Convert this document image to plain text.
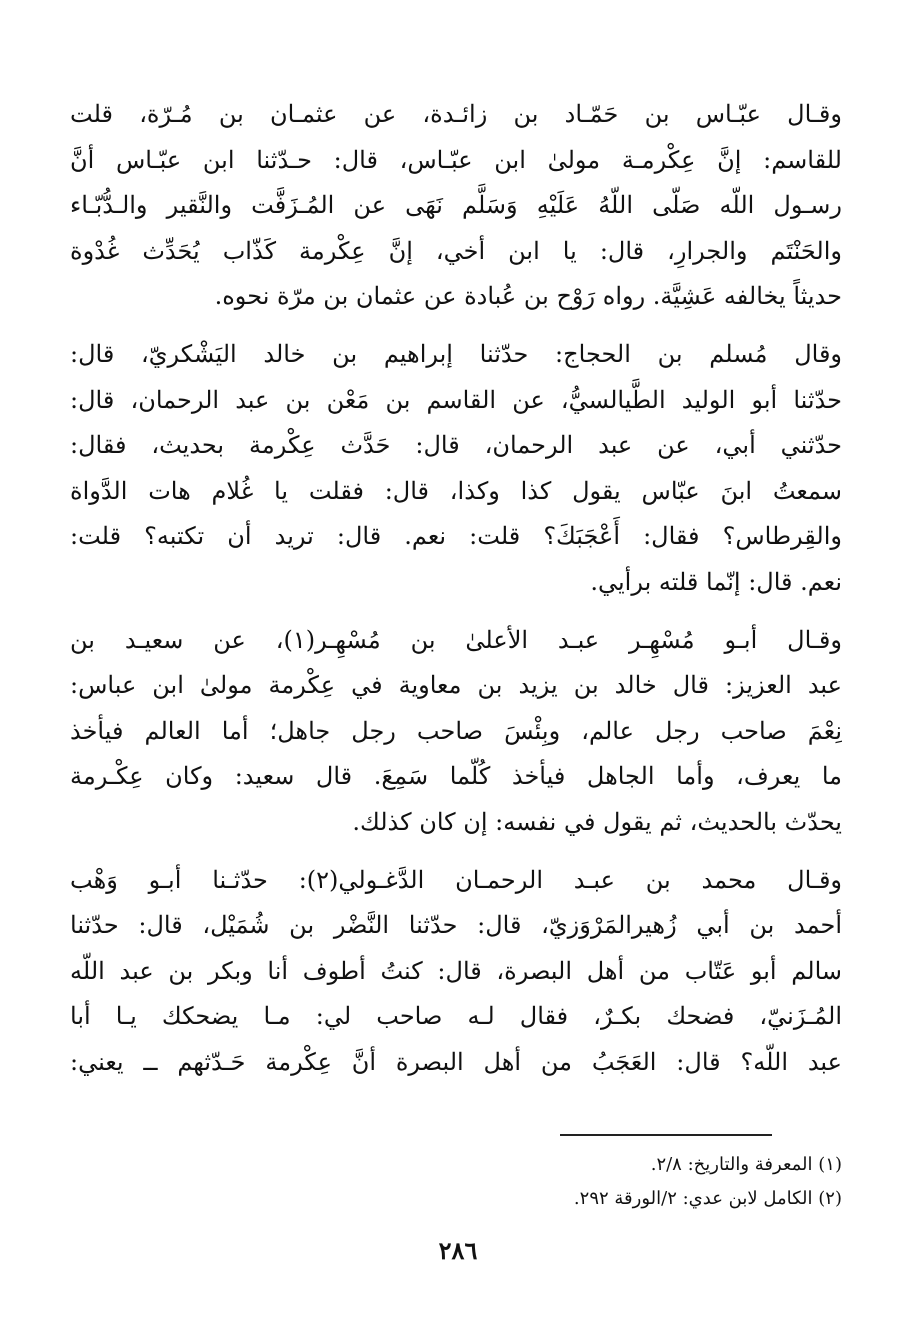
وقـال عبّـاس بن حَمّـاد بن زائـدة، عن عثمـان بن مُـرّة، قلت
للقاسم: إنَّ عِكْرمـة مولىٰ ابن عبّـاس، قال: حـدّثنا ابن عبّـاس أنَّ
رسـول اللّه صَلّى اللّهُ عَلَيْهِ وَسَلَّم نَهَى عن المُـزَفَّت والنَّقير والـدُّبّـاء
والحَنْتَم والجرارِ، قال: يا ابن أخي، إنَّ عِكْرمة كَذّاب يُحَدِّث غُدْوة
حديثاً يخالفه عَشِيَّة. رواه رَوْح بن عُبادة عن عثمان بن مرّة نحوه.
وقال مُسلم بن الحجاج: حدّثنا إبراهيم بن خالد اليَشْكريّ، قال:
حدّثنا أبو الوليد الطَّيالسيُّ، عن القاسم بن مَعْن بن عبد الرحمان، قال:
حدّثني أبي، عن عبد الرحمان، قال: حَدَّث عِكْرمة بحديث، فقال:
سمعتُ ابنَ عبّاس يقول كذا وكذا، قال: فقلت يا غُلام هات الدَّواة
والقِرطاس؟ فقال: أَعْجَبَكَ؟ قلت: نعم. قال: تريد أن تكتبه؟ قلت:
نعم. قال: إنّما قلته برأيي.
وقـال أبـو مُسْهِـر عبـد الأعلىٰ بن مُسْهِـر(١)، عن سعيـد بن
عبد العزيز: قال خالد بن يزيد بن معاوية في عِكْرمة مولىٰ ابن عباس:
نِعْمَ صاحب رجل عالم، وبِئْسَ صاحب رجل جاهل؛ أما العالم فيأخذ
ما يعرف، وأما الجاهل فيأخذ كُلّما سَمِعَ. قال سعيد: وكان عِكْـرمة
يحدّث بالحديث، ثم يقول في نفسه: إن كان كذلك.
وقـال محمد بن عبـد الرحمـان الدَّغـولي(٢): حدّثـنا أبـو وَهْب
أحمد بن أبي زُهيرالمَرْوَزيّ، قال: حدّثنا النَّضْر بن شُمَيْل، قال: حدّثنا
سالم أبو عَتّاب من أهل البصرة، قال: كنتُ أطوف أنا وبكر بن عبد اللّه
المُـزَنيّ، فضحك بكـرٌ، فقال لـه صاحب لي: مـا يضحكك يـا أبا
عبد اللّه؟ قال: العَجَبُ من أهل البصرة أنَّ عِكْرمة حَـدّثهم ــ يعني:
(١) المعرفة والتاريخ: ٢/٨.
(٢) الكامل لابن عدي: ٢/الورقة ٢٩٢.
٢٨٦
